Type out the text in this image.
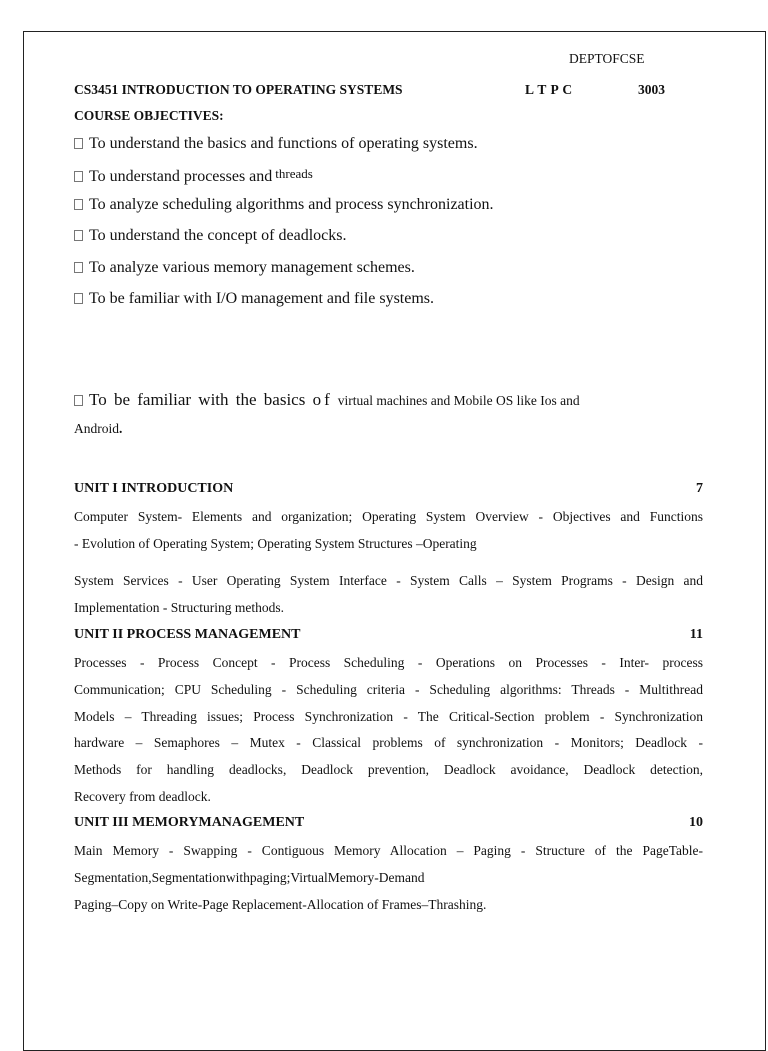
DEPTOFCSE
CS3451 INTRODUCTION TO OPERATING SYSTEMS	L T P C	3003
COURSE OBJECTIVES:
To understand the basics and functions of operating systems.
To understand processes and $^{threads}$
To analyze scheduling algorithms and process synchronization.
To understand the concept of deadlocks.
To analyze various memory management schemes.
To be familiar with I/O management and file systems.
To be familiar with the basics o f virtual machines and Mobile OS like Ios and
Android.
UNIT I INTRODUCTION	7
Computer System- Elements and organization; Operating System Overview - Objectives and Functions
- Evolution of Operating System; Operating System Structures –Operating
System Services - User Operating System Interface - System Calls – System Programs - Design and
Implementation - Structuring methods.
UNIT II PROCESS MANAGEMENT	11
Processes - Process Concept - Process Scheduling - Operations on Processes - Inter- process
Communication; CPU Scheduling - Scheduling criteria - Scheduling algorithms: Threads - Multithread
Models – Threading issues; Process Synchronization - The Critical-Section problem - Synchronization
hardware – Semaphores – Mutex - Classical problems of synchronization - Monitors; Deadlock -
Methods for handling deadlocks, Deadlock prevention, Deadlock avoidance, Deadlock detection,
Recovery from deadlock.
UNIT III MEMORYMANAGEMENT	10
Main Memory - Swapping - Contiguous Memory Allocation – Paging - Structure of the PageTable-
Segmentation,Segmentationwithpaging;VirtualMemory-Demand
Paging–Copy on Write-Page Replacement-Allocation of Frames–Thrashing.
